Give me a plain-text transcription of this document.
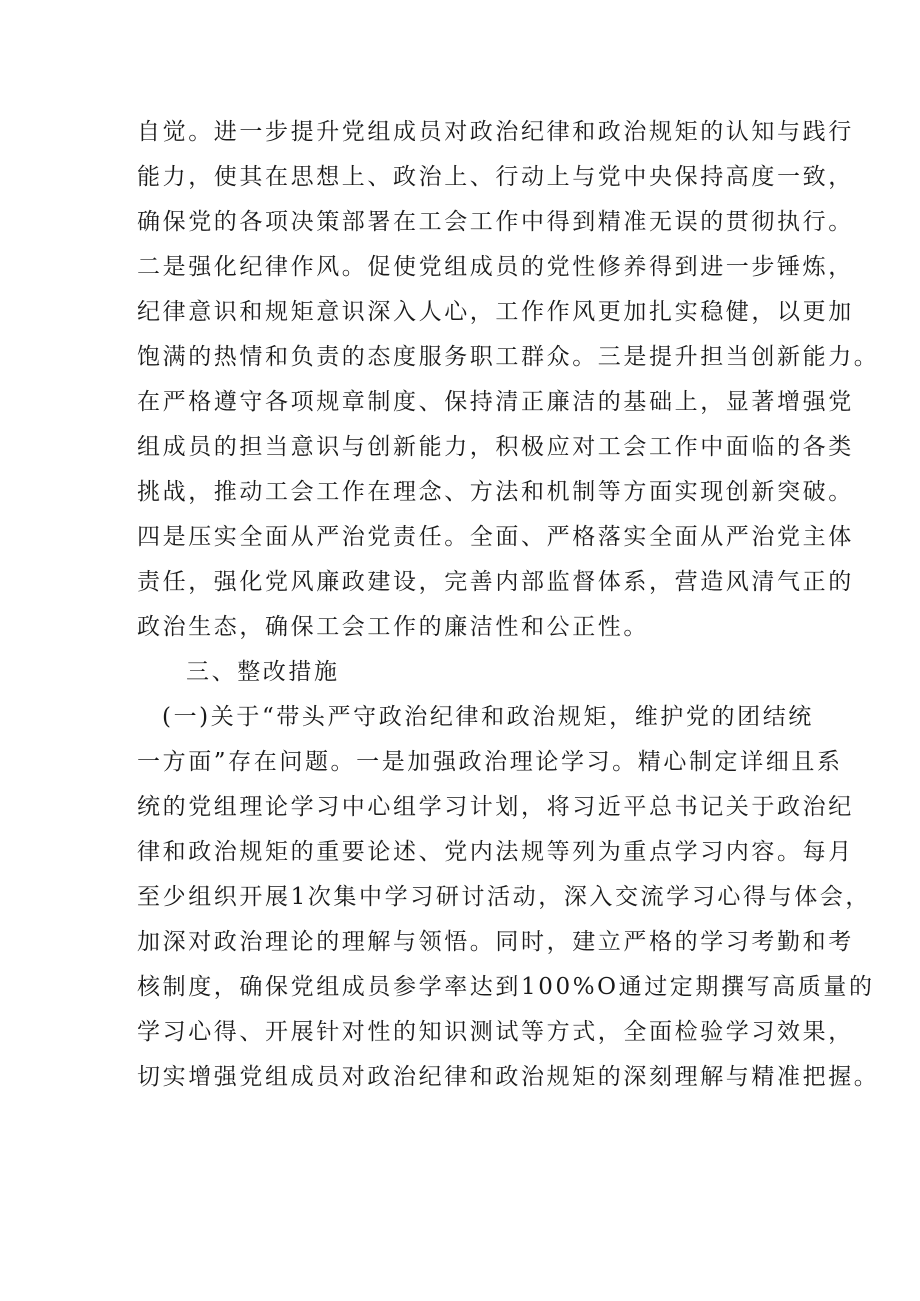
自觉。进一步提升党组成员对政治纪律和政治规矩的认知与践行
能力，使其在思想上、政治上、行动上与党中央保持高度一致，
确保党的各项决策部署在工会工作中得到精准无误的贯彻执行。
二是强化纪律作风。促使党组成员的党性修养得到进一步锤炼，
纪律意识和规矩意识深入人心，工作作风更加扎实稳健，以更加
饱满的热情和负责的态度服务职工群众。三是提升担当创新能力。
在严格遵守各项规章制度、保持清正廉洁的基础上，显著增强党
组成员的担当意识与创新能力，积极应对工会工作中面临的各类
挑战，推动工会工作在理念、方法和机制等方面实现创新突破。
四是压实全面从严治党责任。全面、严格落实全面从严治党主体
责任，强化党风廉政建设，完善内部监督体系，营造风清气正的
政治生态，确保工会工作的廉洁性和公正性。
三、整改措施
(一)关于“带头严守政治纪律和政治规矩，维护党的团结统
一方面”存在问题。一是加强政治理论学习。精心制定详细且系
统的党组理论学习中心组学习计划，将习近平总书记关于政治纪
律和政治规矩的重要论述、党内法规等列为重点学习内容。每月
至少组织开展1次集中学习研讨活动，深入交流学习心得与体会，
加深对政治理论的理解与领悟。同时，建立严格的学习考勤和考
核制度，确保党组成员参学率达到100%O通过定期撰写高质量的
学习心得、开展针对性的知识测试等方式，全面检验学习效果，
切实增强党组成员对政治纪律和政治规矩的深刻理解与精准把握。
